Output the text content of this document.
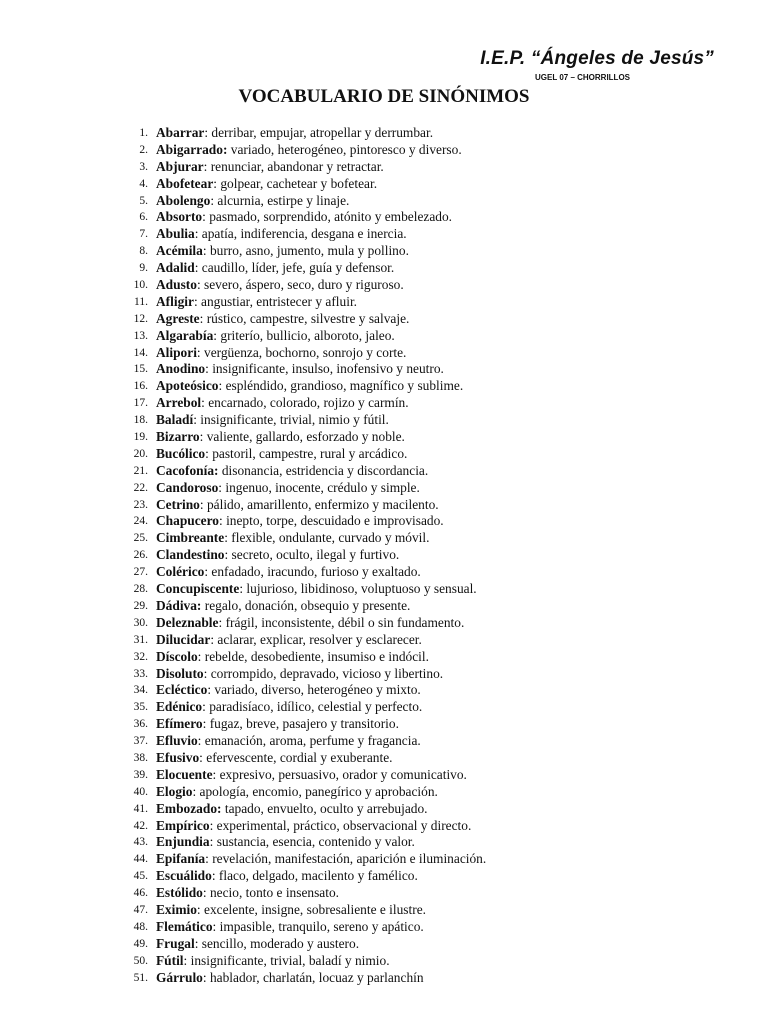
I.E.P. “Ángeles de Jesús”
UGEL 07 – CHORRILLOS
VOCABULARIO DE SINÓNIMOS
1. Abarrar: derribar, empujar, atropellar y derrumbar.
2. Abigarrado: variado, heterogéneo, pintoresco y diverso.
3. Abjurar: renunciar, abandonar y retractar.
4. Abofetear: golpear, cachetear y bofetear.
5. Abolengo: alcurnia, estirpe y linaje.
6. Absorto: pasmado, sorprendido, atónito y embelezado.
7. Abulia: apatía, indiferencia, desgana e inercia.
8. Acémila: burro, asno, jumento, mula y pollino.
9. Adalid: caudillo, líder, jefe, guía y defensor.
10. Adusto: severo, áspero, seco, duro y riguroso.
11. Afligir: angustiar, entristecer y afluir.
12. Agreste: rústico, campestre, silvestre y salvaje.
13. Algarabía: griterío, bullicio, alboroto, jaleo.
14. Alipori: vergüenza, bochorno, sonrojo y corte.
15. Anodino: insignificante, insulso, inofensivo y neutro.
16. Apoteósico: espléndido, grandioso, magnífico y sublime.
17. Arrebol: encarnado, colorado, rojizo y carmín.
18. Baladí: insignificante, trivial, nimio y fútil.
19. Bizarro: valiente, gallardo, esforzado y noble.
20. Bucólico: pastoril, campestre, rural y arcádico.
21. Cacofonía: disonancia, estridencia y discordancia.
22. Candoroso: ingenuo, inocente, crédulo y simple.
23. Cetrino: pálido, amarillento, enfermizo y macilento.
24. Chapucero: inepto, torpe, descuidado e improvisado.
25. Cimbreante: flexible, ondulante, curvado y móvil.
26. Clandestino: secreto, oculto, ilegal y furtivo.
27. Colérico: enfadado, iracundo, furioso y exaltado.
28. Concupiscente: lujurioso, libidinoso, voluptuoso y sensual.
29. Dádiva: regalo, donación, obsequio y presente.
30. Deleznable: frágil, inconsistente, débil o sin fundamento.
31. Dilucidar: aclarar, explicar, resolver y esclarecer.
32. Díscolo: rebelde, desobediente, insumiso e indócil.
33. Disoluto: corrompido, depravado, vicioso y libertino.
34. Ecléctico: variado, diverso, heterogéneo y mixto.
35. Edénico: paradisíaco, idílico, celestial y perfecto.
36. Efímero: fugaz, breve, pasajero y transitorio.
37. Efluvio: emanación, aroma, perfume y fragancia.
38. Efusivo: efervescente, cordial y exuberante.
39. Elocuente: expresivo, persuasivo, orador y comunicativo.
40. Elogio: apología, encomio, panegírico y aprobación.
41. Embozado: tapado, envuelto, oculto y arrebujado.
42. Empírico: experimental, práctico, observacional y directo.
43. Enjundia: sustancia, esencia, contenido y valor.
44. Epifanía: revelación, manifestación, aparición e iluminación.
45. Escuálido: flaco, delgado, macilento y famélico.
46. Estólido: necio, tonto e insensato.
47. Eximio: excelente, insigne, sobresaliente e ilustre.
48. Flemático: impasible, tranquilo, sereno y apático.
49. Frugal: sencillo, moderado y austero.
50. Fútil: insignificante, trivial, baladí y nimio.
51. Gárrulo: hablador, charlatán, locuaz y parlanchín
